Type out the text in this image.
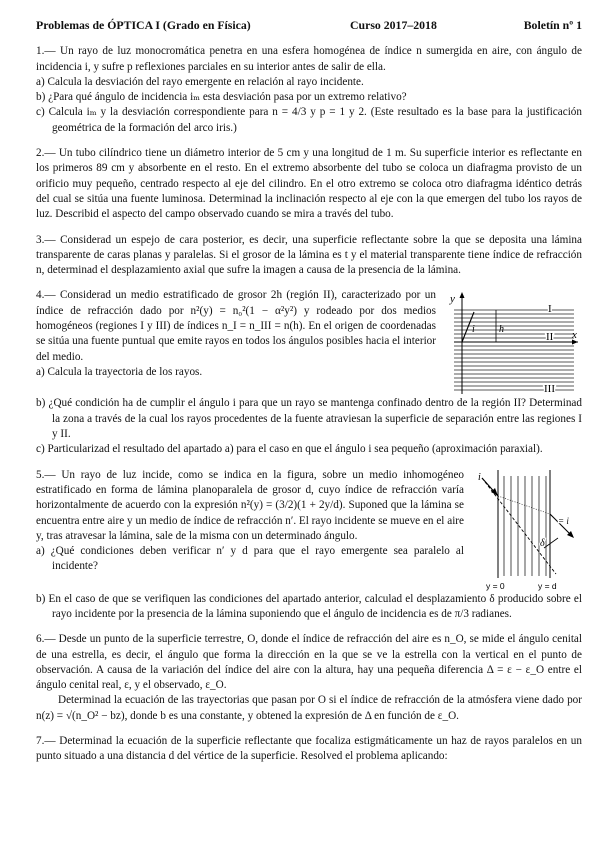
Problemas de ÓPTICA I (Grado en Física)	Curso 2017–2018	Boletín nº 1

1.— Un rayo de luz monocromática penetra en una esfera homogénea de índice n sumergida en aire, con ángulo de incidencia i, y sufre p reflexiones parciales en su interior antes de salir de ella.

a) Calcula la desviación del rayo emergente en relación al rayo incidente.

b) ¿Para qué ángulo de incidencia iₘ esta desviación pasa por un extremo relativo?

c) Calcula iₘ y la desviación correspondiente para n = 4/3 y p = 1 y 2. (Este resultado es la base para la justificación geométrica de la formación del arco iris.)

2.— Un tubo cilíndrico tiene un diámetro interior de 5 cm y una longitud de 1 m. Su superficie interior es reflectante en los primeros 89 cm y absorbente en el resto. En el extremo absorbente del tubo se coloca un diafragma provisto de un orificio muy pequeño, centrado respecto al eje del cilindro. En el otro extremo se coloca otro diafragma idéntico detrás del cual se sitúa una fuente luminosa. Determinad la inclinación respecto al eje con la que emergen del tubo los rayos de luz. Describid el aspecto del campo observado cuando se mira a través del tubo.

3.— Considerad un espejo de cara posterior, es decir, una superficie reflectante sobre la que se deposita una lámina transparente de caras planas y paralelas. Si el grosor de la lámina es t y el material transparente tiene índice de refracción n, determinad el desplazamiento axial que sufre la imagen a causa de la presencia de la lámina.

4.— Considerad un medio estratificado de grosor 2h (región II), caracterizado por un índice de refracción dado por n²(y) = n₀²(1 − α²y²) y rodeado por dos medios homogéneos (regiones I y III) de índices n_I = n_III = n(h). En el origen de coordenadas se sitúa una fuente puntual que emite rayos en todos los ángulos posibles hacia el interior del medio.

a) Calcula la trayectoria de los rayos.

y
x
i h
I
II
III

b) ¿Qué condición ha de cumplir el ángulo i para que un rayo se mantenga confinado dentro de la región II? Determinad la zona a través de la cual los rayos procedentes de la fuente atraviesan la superficie de separación entre las regiones I y II.

c) Particularizad el resultado del apartado a) para el caso en que el ángulo i sea pequeño (aproximación paraxial).

5.— Un rayo de luz incide, como se indica en la figura, sobre un medio inhomogéneo estratificado en forma de lámina planoparalela de grosor d, cuyo índice de refracción varía horizontalmente de acuerdo con la expresión n²(y) = (3/2)(1 + 2y/d). Suponed que la lámina se encuentra entre aire y un medio de índice de refracción n′. El rayo incidente se mueve en el aire y, tras atravesar la lámina, sale de la misma con un determinado ángulo.

a) ¿Qué condiciones deben verificar n′ y d para que el rayo emergente sea paralelo al incidente?

i
= i
δ
y = 0	y = d

b) En el caso de que se verifiquen las condiciones del apartado anterior, calculad el desplazamiento δ producido sobre el rayo incidente por la presencia de la lámina suponiendo que el ángulo de incidencia es de π/3 radianes.

6.— Desde un punto de la superficie terrestre, O, donde el índice de refracción del aire es n_O, se mide el ángulo cenital de una estrella, es decir, el ángulo que forma la dirección en la que se ve la estrella con la vertical en el punto de observación. A causa de la variación del índice del aire con la altura, hay una pequeña diferencia Δ = ε − ε_O entre el ángulo cenital real, ε, y el observado, ε_O.

Determinad la ecuación de las trayectorias que pasan por O si el índice de refracción de la atmósfera viene dado por n(z) = √(n_O² − bz), donde b es una constante, y obtened la expresión de Δ en función de ε_O.

7.— Determinad la ecuación de la superficie reflectante que focaliza estigmáticamente un haz de rayos paralelos en un punto situado a una distancia d del vértice de la superficie. Resolved el problema aplicando:
